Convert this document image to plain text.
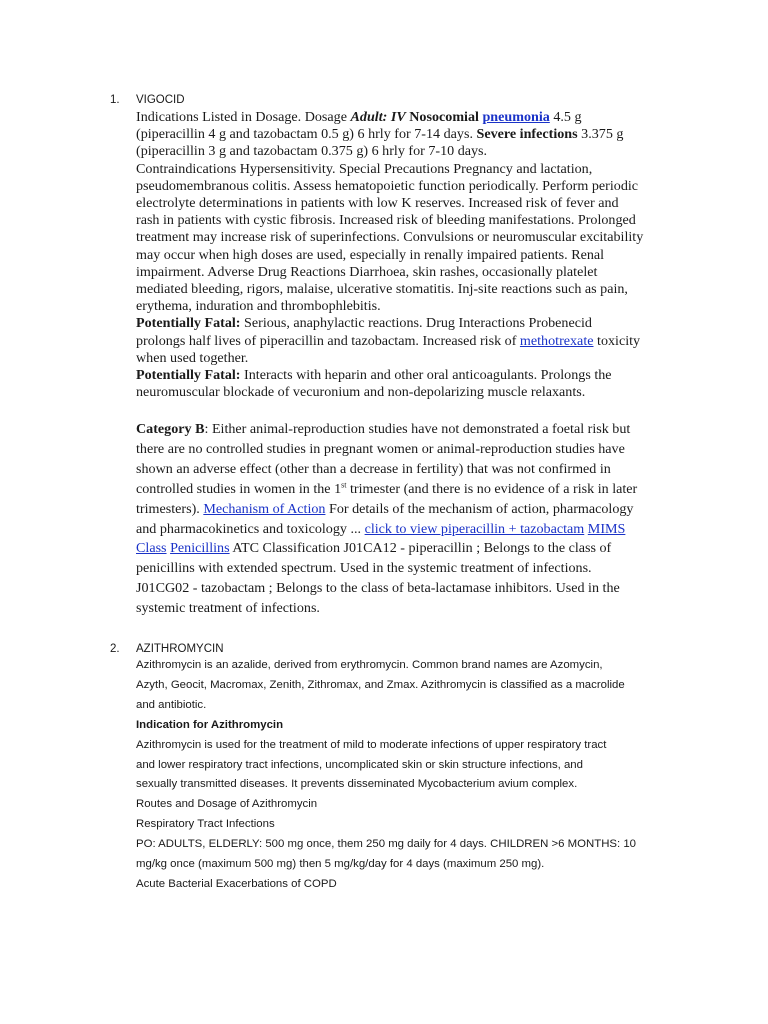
1. VIGOCID
Indications Listed in Dosage. Dosage Adult: IV Nosocomial pneumonia 4.5 g
(piperacillin 4 g and tazobactam 0.5 g) 6 hrly for 7-14 days. Severe infections 3.375 g
(piperacillin 3 g and tazobactam 0.375 g) 6 hrly for 7-10 days.
Contraindications Hypersensitivity. Special Precautions Pregnancy and lactation,
pseudomembranous colitis. Assess hematopoietic function periodically. Perform periodic
electrolyte determinations in patients with low K reserves. Increased risk of fever and
rash in patients with cystic fibrosis. Increased risk of bleeding manifestations. Prolonged
treatment may increase risk of superinfections. Convulsions or neuromuscular excitability
may occur when high doses are used, especially in renally impaired patients. Renal
impairment. Adverse Drug Reactions Diarrhoea, skin rashes, occasionally platelet
mediated bleeding, rigors, malaise, ulcerative stomatitis. Inj-site reactions such as pain,
erythema, induration and thrombophlebitis.
Potentially Fatal: Serious, anaphylactic reactions. Drug Interactions Probenecid
prolongs half lives of piperacillin and tazobactam. Increased risk of methotrexate toxicity
when used together.
Potentially Fatal: Interacts with heparin and other oral anticoagulants. Prolongs the
neuromuscular blockade of vecuronium and non-depolarizing muscle relaxants.
Category B: Either animal-reproduction studies have not demonstrated a foetal risk but
there are no controlled studies in pregnant women or animal-reproduction studies have
shown an adverse effect (other than a decrease in fertility) that was not confirmed in
controlled studies in women in the 1st trimester (and there is no evidence of a risk in later
trimesters). Mechanism of Action For details of the mechanism of action, pharmacology
and pharmacokinetics and toxicology ... click to view piperacillin + tazobactam MIMS
Class Penicillins ATC Classification J01CA12 - piperacillin ; Belongs to the class of
penicillins with extended spectrum. Used in the systemic treatment of infections.
J01CG02 - tazobactam ; Belongs to the class of beta-lactamase inhibitors. Used in the
systemic treatment of infections.
2. AZITHROMYCIN
Azithromycin is an azalide, derived from erythromycin. Common brand names are Azomycin,
Azyth, Geocit, Macromax, Zenith, Zithromax, and Zmax. Azithromycin is classified as a macrolide
and antibiotic.
Indication for Azithromycin
Azithromycin is used for the treatment of mild to moderate infections of upper respiratory tract
and lower respiratory tract infections, uncomplicated skin or skin structure infections, and
sexually transmitted diseases. It prevents disseminated Mycobacterium avium complex.
Routes and Dosage of Azithromycin
Respiratory Tract Infections
PO: ADULTS, ELDERLY: 500 mg once, them 250 mg daily for 4 days. CHILDREN >6 MONTHS: 10
mg/kg once (maximum 500 mg) then 5 mg/kg/day for 4 days (maximum 250 mg).
Acute Bacterial Exacerbations of COPD
